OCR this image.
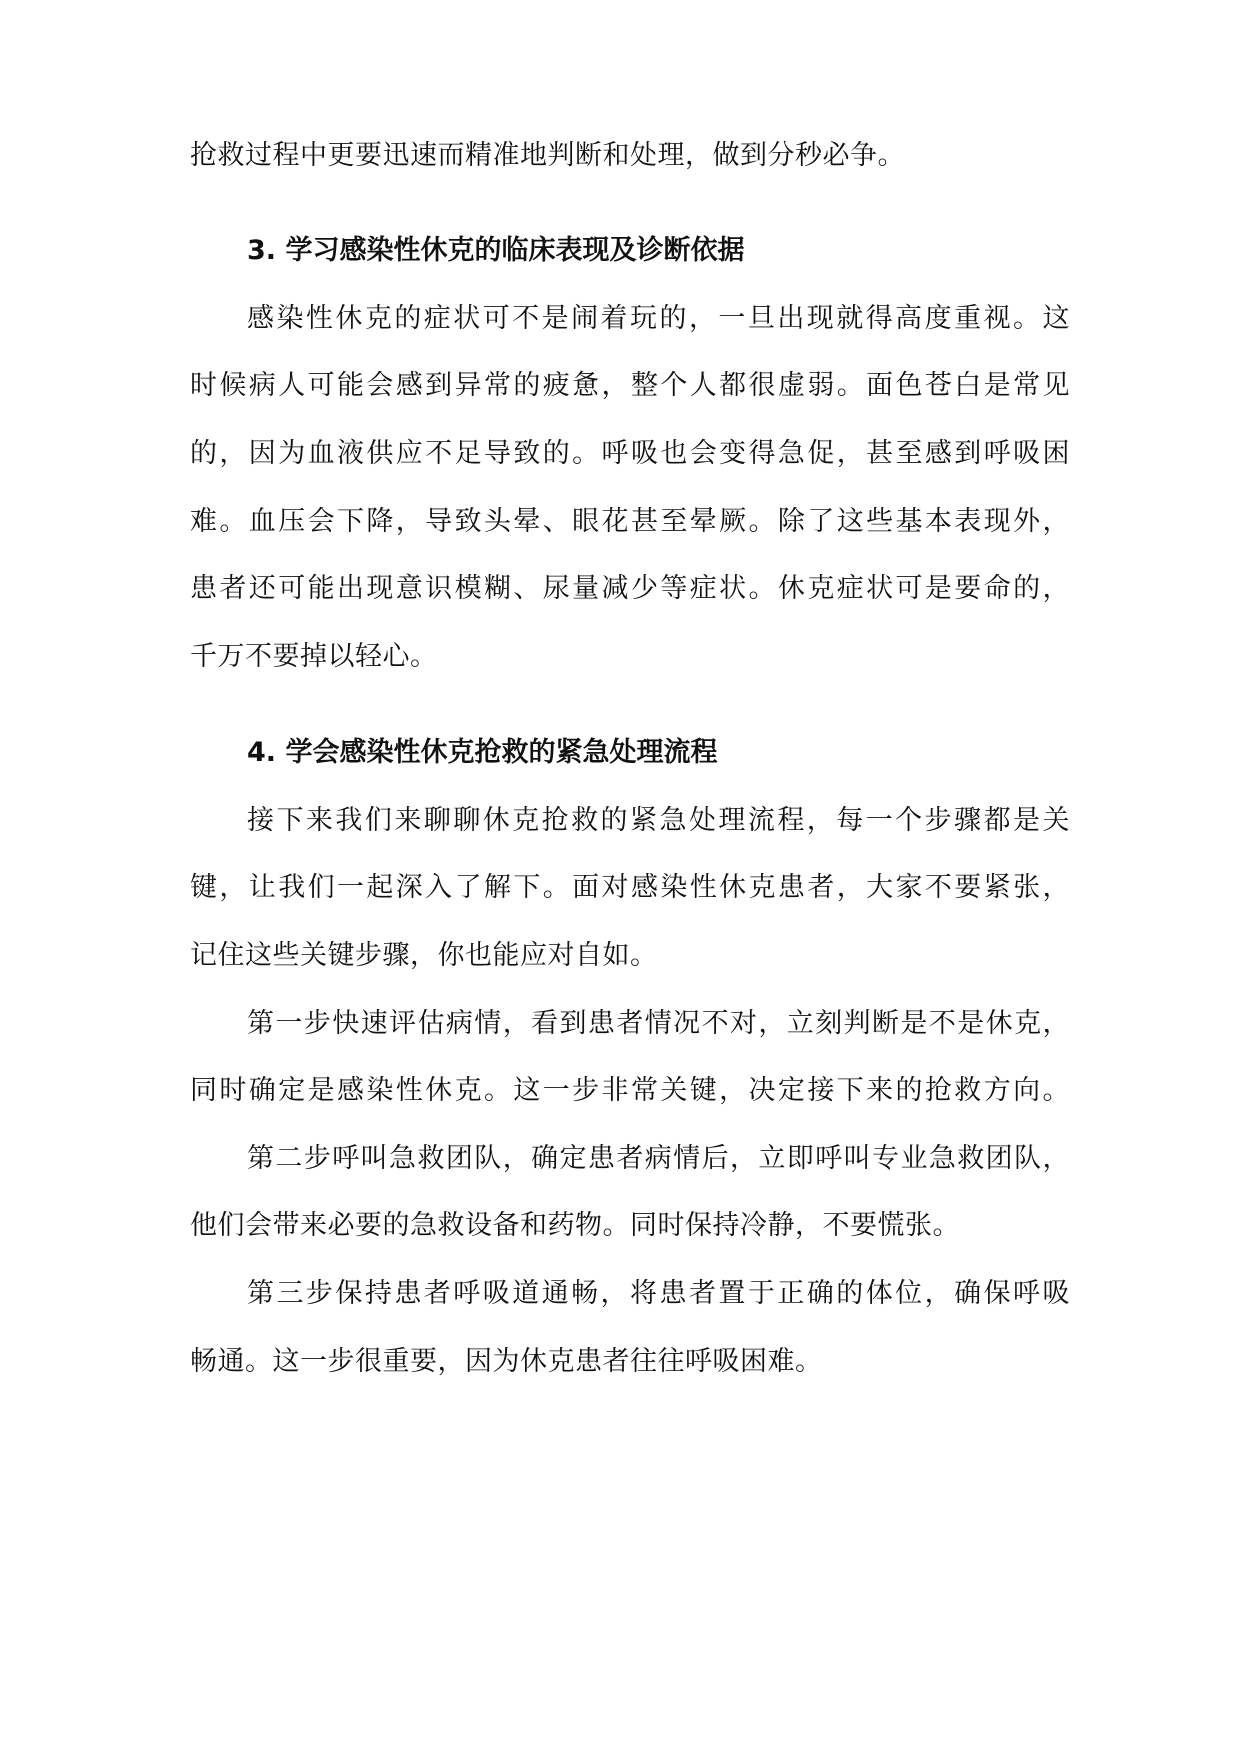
抢救过程中更要迅速而精准地判断和处理，做到分秒必争。
3. 学习感染性休克的临床表现及诊断依据
感染性休克的症状可不是闹着玩的，一旦出现就得高度重视。这
时候病人可能会感到异常的疲惫，整个人都很虚弱。面色苍白是常见
的，因为血液供应不足导致的。呼吸也会变得急促，甚至感到呼吸困
难。血压会下降，导致头晕、眼花甚至晕厥。除了这些基本表现外，
患者还可能出现意识模糊、尿量减少等症状。休克症状可是要命的，
千万不要掉以轻心。
4. 学会感染性休克抢救的紧急处理流程
接下来我们来聊聊休克抢救的紧急处理流程，每一个步骤都是关
键，让我们一起深入了解下。面对感染性休克患者，大家不要紧张，
记住这些关键步骤，你也能应对自如。
第一步快速评估病情，看到患者情况不对，立刻判断是不是休克，
同时确定是感染性休克。这一步非常关键，决定接下来的抢救方向。
第二步呼叫急救团队，确定患者病情后，立即呼叫专业急救团队，
他们会带来必要的急救设备和药物。同时保持冷静，不要慌张。
第三步保持患者呼吸道通畅，将患者置于正确的体位，确保呼吸
畅通。这一步很重要，因为休克患者往往呼吸困难。
